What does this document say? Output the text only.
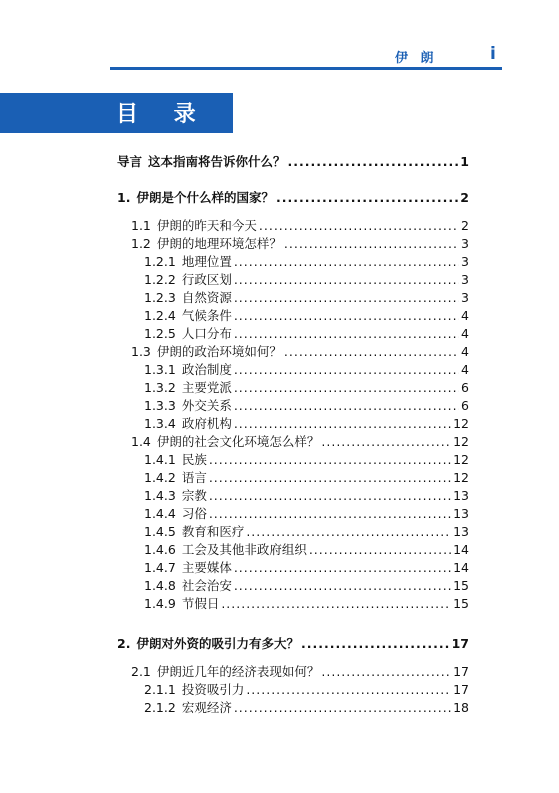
伊 朗	i
目 录
导言 这本指南将告诉你什么？ .....	1
1. 伊朗是个什么样的国家？ .....	2
1.1 伊朗的昨天和今天 .....	2
1.2 伊朗的地理环境怎样？ .....	3
1.2.1 地理位置 .....	3
1.2.2 行政区划 .....	3
1.2.3 自然资源 .....	3
1.2.4 气候条件 .....	4
1.2.5 人口分布 .....	4
1.3 伊朗的政治环境如何？ .....	4
1.3.1 政治制度 .....	4
1.3.2 主要党派 .....	6
1.3.3 外交关系 .....	6
1.3.4 政府机构 .....	12
1.4 伊朗的社会文化环境怎么样？ .....	12
1.4.1 民族 .....	12
1.4.2 语言 .....	12
1.4.3 宗教 .....	13
1.4.4 习俗 .....	13
1.4.5 教育和医疗 .....	13
1.4.6 工会及其他非政府组织 .....	14
1.4.7 主要媒体 .....	14
1.4.8 社会治安 .....	15
1.4.9 节假日 .....	15
2. 伊朗对外资的吸引力有多大？ .....	17
2.1 伊朗近几年的经济表现如何？ .....	17
2.1.1 投资吸引力 .....	17
2.1.2 宏观经济 .....	18
